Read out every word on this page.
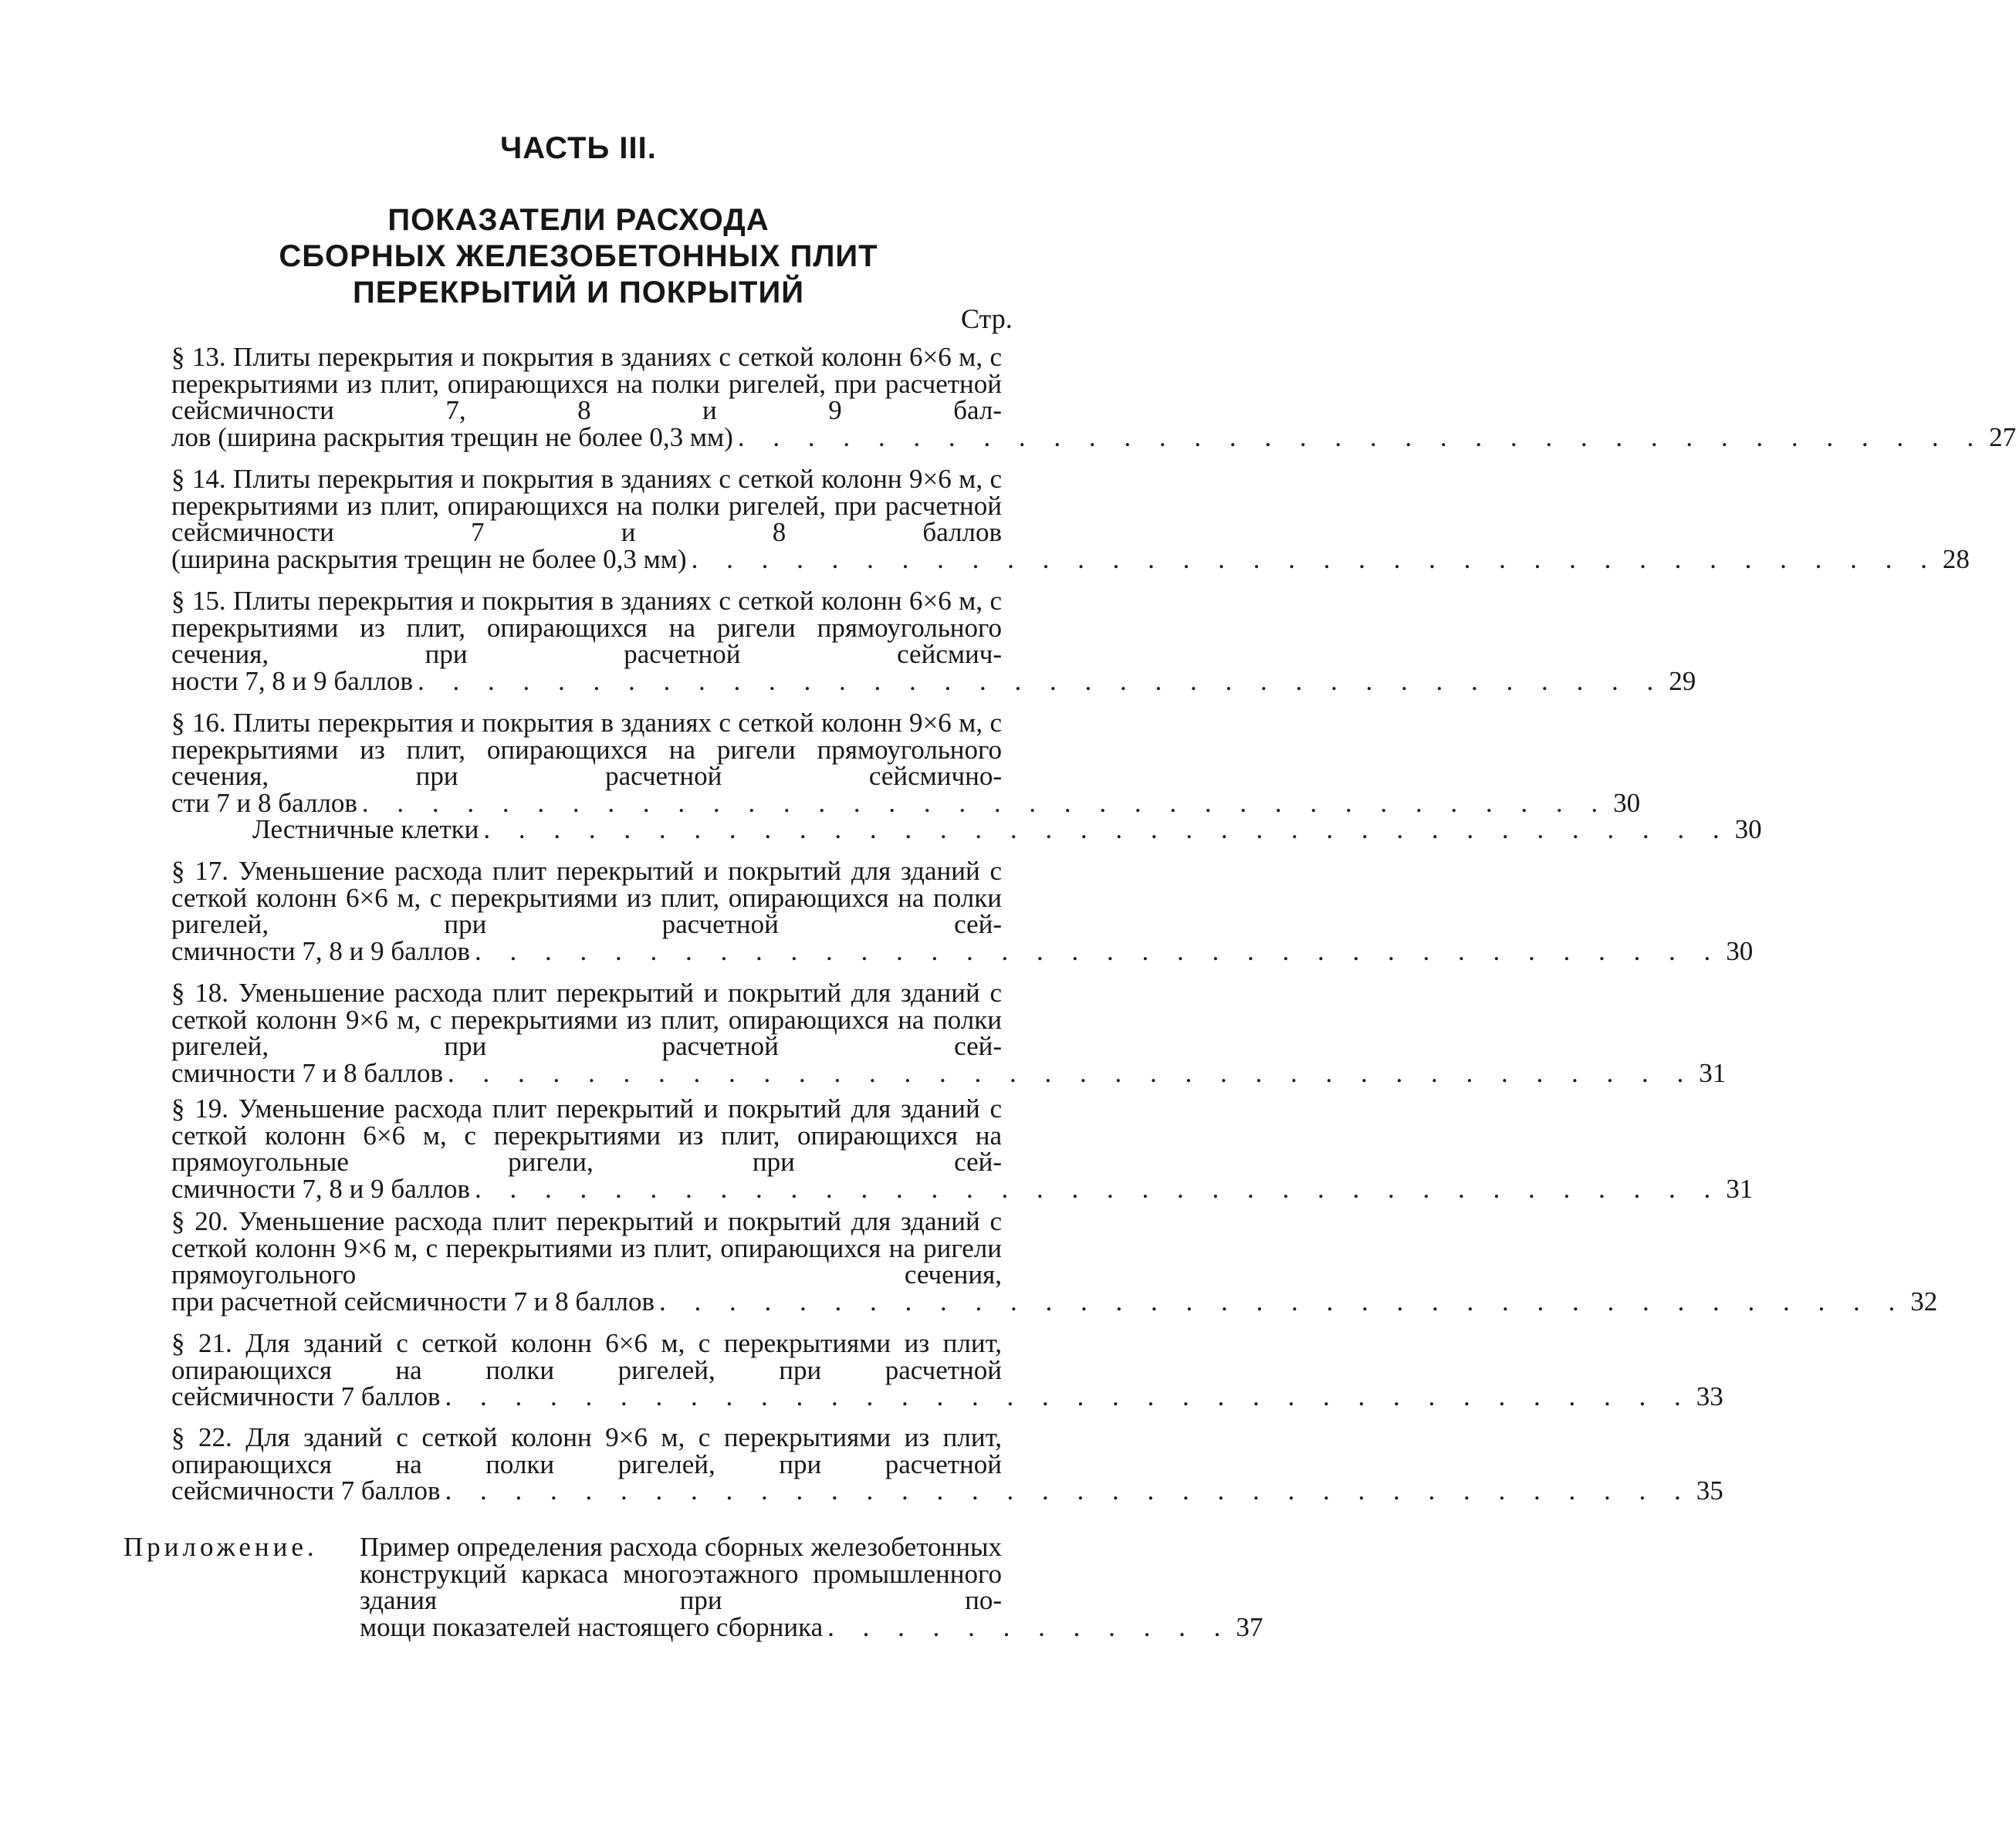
ЧАСТЬ III.
ПОКАЗАТЕЛИ РАСХОДА
СБОРНЫХ ЖЕЛЕЗОБЕТОННЫХ ПЛИТ
ПЕРЕКРЫТИЙ И ПОКРЫТИЙ
Стр.

§ 13. Плиты перекрытия и покрытия в зданиях с сеткой колонн 6×6 м, с перекрытиями из плит, опирающихся на полки ригелей, при расчетной сейсмичности 7, 8 и 9 бал-

лов (ширина раскрытия трещин не более 0,3 мм) . . . . . . . . . . . . . . . . . . . . . . . . . . . . . . . . . . . . 27

§ 14. Плиты перекрытия и покрытия в зданиях с сеткой колонн 9×6 м, с перекрытиями из плит, опирающихся на полки ригелей, при расчетной сейсмичности 7 и 8 баллов

(ширина раскрытия трещин не более 0,3 мм) . . . . . . . . . . . . . . . . . . . . . . . . . . . . . . . . . . . . 28

§ 15. Плиты перекрытия и покрытия в зданиях с сеткой колонн 6×6 м, с перекрытиями из плит, опирающихся на ригели прямоугольного сечения, при расчетной сейсмич-

ности 7, 8 и 9 баллов . . . . . . . . . . . . . . . . . . . . . . . . . . . . . . . . . . . . 29

§ 16. Плиты перекрытия и покрытия в зданиях с сеткой колонн 9×6 м, с перекрытиями из плит, опирающихся на ригели прямоугольного сечения, при расчетной сейсмично-

сти 7 и 8 баллов . . . . . . . . . . . . . . . . . . . . . . . . . . . . . . . . . . . . 30
Лестничные клетки . . . . . . . . . . . . . . . . . . . . . . . . . . . . . . . . . . . . 30

§ 17. Уменьшение расхода плит перекрытий и покрытий для зданий с сеткой колонн 6×6 м, с перекрытиями из плит, опирающихся на полки ригелей, при расчетной сей-

смичности 7, 8 и 9 баллов . . . . . . . . . . . . . . . . . . . . . . . . . . . . . . . . . . . . 30

§ 18. Уменьшение расхода плит перекрытий и покрытий для зданий с сеткой колонн 9×6 м, с перекрытиями из плит, опирающихся на полки ригелей, при расчетной сей-

смичности 7 и 8 баллов . . . . . . . . . . . . . . . . . . . . . . . . . . . . . . . . . . . . 31

§ 19. Уменьшение расхода плит перекрытий и покрытий для зданий с сеткой колонн 6×6 м, с перекрытиями из плит, опирающихся на прямоугольные ригели, при сей-

смичности 7, 8 и 9 баллов . . . . . . . . . . . . . . . . . . . . . . . . . . . . . . . . . . . . 31

§ 20. Уменьшение расхода плит перекрытий и покрытий для зданий с сеткой колонн 9×6 м, с перекрытиями из плит, опирающихся на ригели прямоугольного сечения,

при расчетной сейсмичности 7 и 8 баллов . . . . . . . . . . . . . . . . . . . . . . . . . . . . . . . . . . . . 32

§ 21. Для зданий с сеткой колонн 6×6 м, с перекрытиями из плит, опирающихся на полки ригелей, при расчетной

сейсмичности 7 баллов . . . . . . . . . . . . . . . . . . . . . . . . . . . . . . . . . . . . 33

§ 22. Для зданий с сеткой колонн 9×6 м, с перекрытиями из плит, опирающихся на полки ригелей, при расчетной

сейсмичности 7 баллов . . . . . . . . . . . . . . . . . . . . . . . . . . . . . . . . . . . . 35
Приложение. Пример определения расхода сборных железобетонных конструкций каркаса многоэтажного промышленного здания при по-

мощи показателей настоящего сборника . . . . . . . . . . . . 37
